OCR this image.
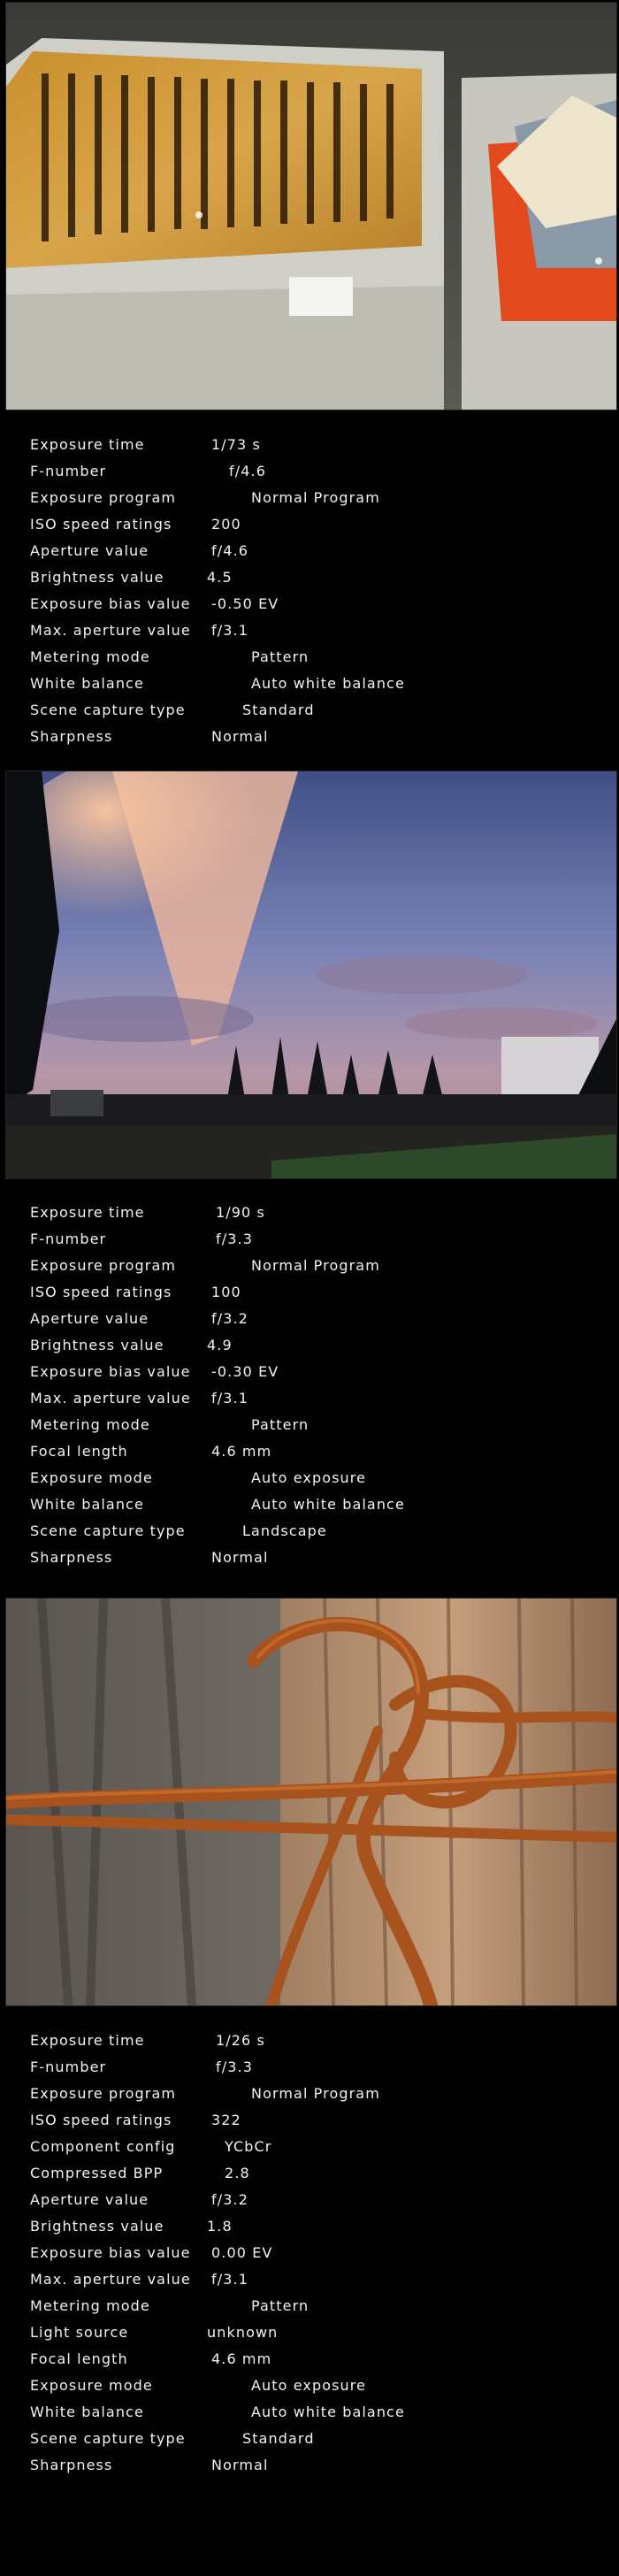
Exposure time	1/73 s
F-number	f/4.6
Exposure program	Normal Program
ISO speed ratings	200
Aperture value	f/4.6
Brightness value	4.5
Exposure bias value -0.50 EV
Max. aperture value f/3.1
Metering mode	Pattern
White balance	Auto white balance
Scene capture type	Standard
Sharpness	Normal
Exposure time	1/90 s
F-number	f/3.3
Exposure program	Normal Program
ISO speed ratings	100
Aperture value	f/3.2
Brightness value	4.9
Exposure bias value -0.30 EV
Max. aperture value f/3.1
Metering mode	Pattern
Focal length	4.6 mm
Exposure mode	Auto exposure
White balance	Auto white balance
Scene capture type	Landscape
Sharpness	Normal
Exposure time	1/26 s
F-number	f/3.3
Exposure program	Normal Program
ISO speed ratings	322
Component config	YCbCr
Compressed BPP	2.8
Aperture value	f/3.2
Brightness value	1.8
Exposure bias value 0.00 EV
Max. aperture value f/3.1
Metering mode	Pattern
Light source	unknown
Focal length	4.6 mm
Exposure mode	Auto exposure
White balance	Auto white balance
Scene capture type	Standard
Sharpness	Normal
